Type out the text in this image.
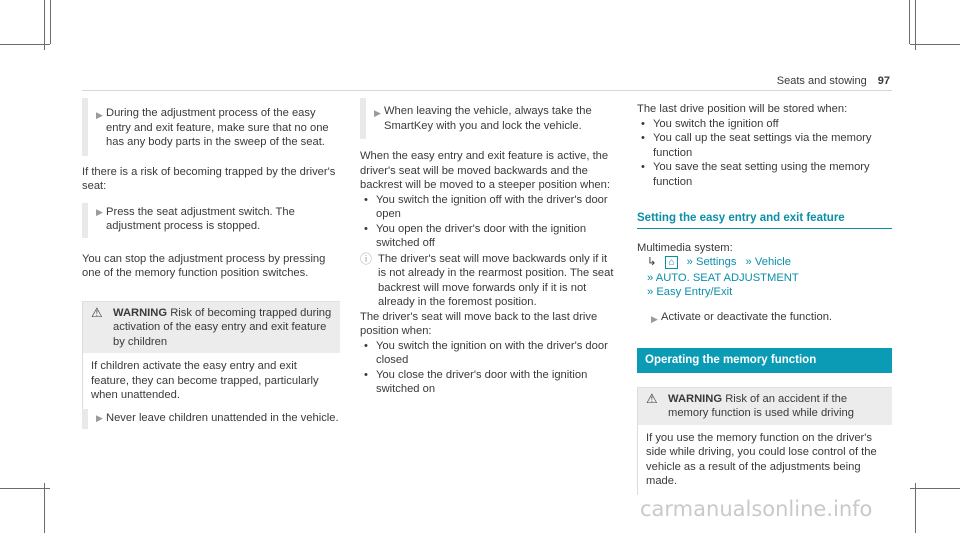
Seats and stowing 97
▶ During the adjustment process of the easy entry and exit feature, make sure that no one has any body parts in the sweep of the seat.

If there is a risk of becoming trapped by the driver's seat:

▶ Press the seat adjustment switch. The adjustment process is stopped.

You can stop the adjustment process by pressing one of the memory function position switches.

⚠ WARNING Risk of becoming trapped during activation of the easy entry and exit feature by children

If children activate the easy entry and exit feature, they can become trapped, particularly when unattended.

▶ Never leave children unattended in the vehicle.

▶ When leaving the vehicle, always take the SmartKey with you and lock the vehicle.

When the easy entry and exit feature is active, the driver's seat will be moved backwards and the backrest will be moved to a steeper position when:

• You switch the ignition off with the driver's door open
• You open the driver's door with the ignition switched off
ⓘ The driver's seat will move backwards only if it is not already in the rearmost position. The seat backrest will move forwards only if it is not already in the foremost position.

The driver's seat will move back to the last drive position when:

• You switch the ignition on with the driver's door closed
• You close the driver's door with the ignition switched on

The last drive position will be stored when:

• You switch the ignition off
• You call up the seat settings via the memory function
• You save the seat setting using the memory function
Setting the easy entry and exit feature

Multimedia system:

↳ ⌂ » Settings » Vehicle
» AUTO. SEAT ADJUSTMENT
» Easy Entry/Exit
▶ Activate or deactivate the function.

Operating the memory function
⚠ WARNING Risk of an accident if the memory function is used while driving

If you use the memory function on the driver's side while driving, you could lose control of the vehicle as a result of the adjustments being made.

carmanualsonline.info
